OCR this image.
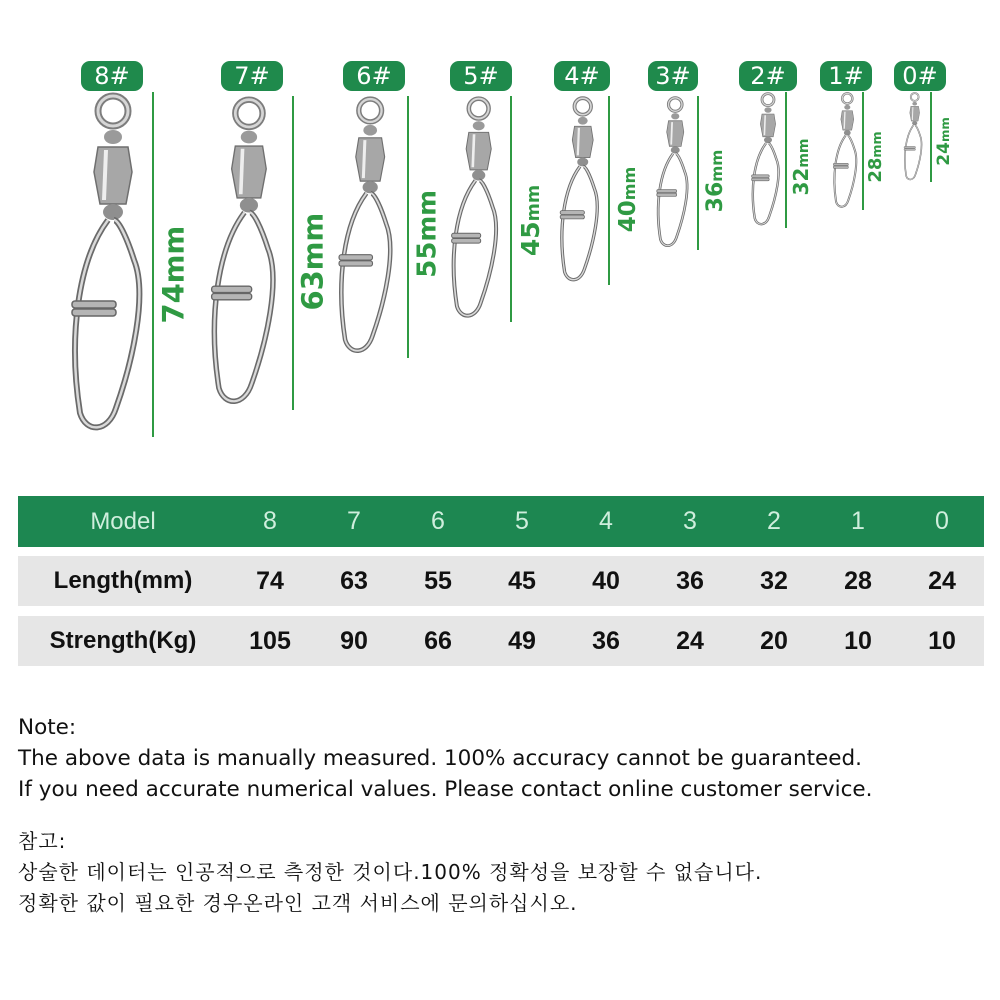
8#
74mm
7#
63mm
6#
55mm
5#
45mm
4#
40mm
3#
36mm
2#
32mm
1#
28mm
0#
24mm
Model	8	7	6	5	4	3	2	1	0
Length(mm)	74	63	55	45	40	36	32	28	24
Strength(Kg)	105	90	66	49	36	24	20	10	10

Note:

The above data is manually measured. 100% accuracy cannot be guaranteed.

If you need accurate numerical values. Please contact online customer service.

참고:

상술한 데이터는 인공적으로 측정한 것이다.100% 정확성을 보장할 수 없습니다.

정확한 값이 필요한 경우온라인 고객 서비스에 문의하십시오.
